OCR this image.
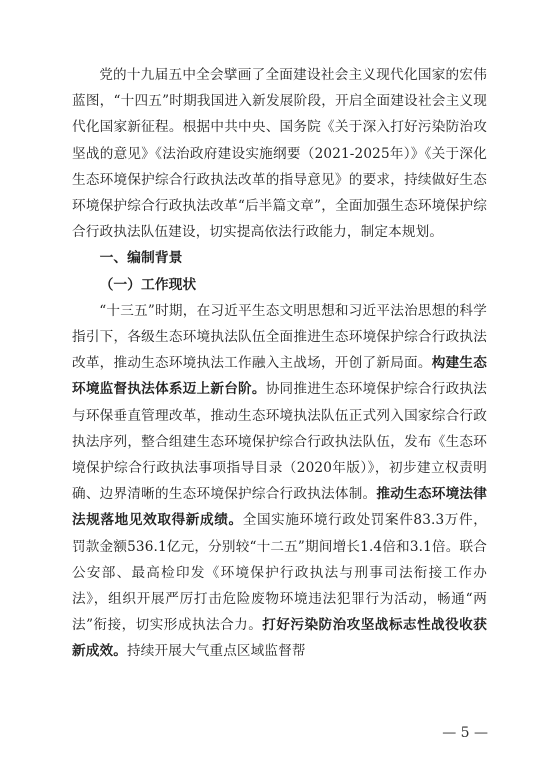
党的十九届五中全会擘画了全面建设社会主义现代化国家的宏伟蓝图，“十四五”时期我国进入新发展阶段，开启全面建设社会主义现代化国家新征程。根据中共中央、国务院《关于深入打好污染防治攻坚战的意见》《法治政府建设实施纲要（2021-2025年）》《关于深化生态环境保护综合行政执法改革的指导意见》的要求，持续做好生态环境保护综合行政执法改革“后半篇文章”，全面加强生态环境保护综合行政执法队伍建设，切实提高依法行政能力，制定本规划。

一、编制背景

（一）工作现状

“十三五”时期，在习近平生态文明思想和习近平法治思想的科学指引下，各级生态环境执法队伍全面推进生态环境保护综合行政执法改革，推动生态环境执法工作融入主战场，开创了新局面。构建生态环境监督执法体系迈上新台阶。协同推进生态环境保护综合行政执法与环保垂直管理改革，推动生态环境执法队伍正式列入国家综合行政执法序列，整合组建生态环境保护综合行政执法队伍，发布《生态环境保护综合行政执法事项指导目录（2020年版）》，初步建立权责明确、边界清晰的生态环境保护综合行政执法体制。推动生态环境法律法规落地见效取得新成绩。全国实施环境行政处罚案件83.3万件，罚款金额536.1亿元，分别较“十二五”期间增长1.4倍和3.1倍。联合公安部、最高检印发《环境保护行政执法与刑事司法衔接工作办法》，组织开展严厉打击危险废物环境违法犯罪行为活动，畅通“两法”衔接，切实形成执法合力。打好污染防治攻坚战标志性战役收获新成效。持续开展大气重点区域监督帮

— 5 —
